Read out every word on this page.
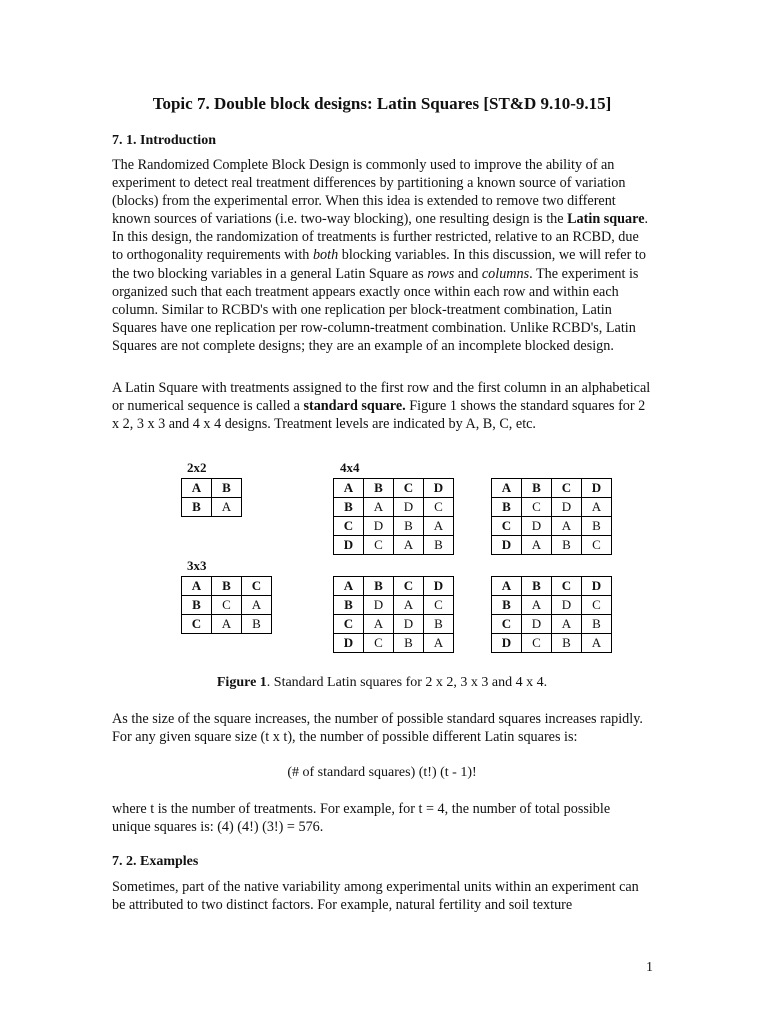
Topic 7. Double block designs: Latin Squares [ST&D 9.10-9.15]
7. 1. Introduction

The Randomized Complete Block Design is commonly used to improve the ability of an experiment to detect real treatment differences by partitioning a known source of variation (blocks) from the experimental error. When this idea is extended to remove two different known sources of variations (i.e. two-way blocking), one resulting design is the Latin square. In this design, the randomization of treatments is further restricted, relative to an RCBD, due to orthogonality requirements with both blocking variables. In this discussion, we will refer to the two blocking variables in a general Latin Square as rows and columns. The experiment is organized such that each treatment appears exactly once within each row and within each column. Similar to RCBD's with one replication per block-treatment combination, Latin Squares have one replication per row-column-treatment combination. Unlike RCBD's, Latin Squares are not complete designs; they are an example of an incomplete blocked design.

A Latin Square with treatments assigned to the first row and the first column in an alphabetical or numerical sequence is called a standard square. Figure 1 shows the standard squares for 2 x 2, 3 x 3 and 4 x 4 designs. Treatment levels are indicated by A, B, C, etc.

2x2	4x4
3x3
A	B
B	A
A	B	C	D
B	A	D	C
C	D	B	A
D	C	A	B
A	B	C	D
B	C	D	A
C	D	A	B
D	A	B	C
A	B	C
B	C	A
C	A	B
A	B	C	D
B	D	A	C
C	A	D	B
D	C	B	A
A	B	C	D
B	A	D	C
C	D	A	B
D	C	B	A
Figure 1. Standard Latin squares for 2 x 2, 3 x 3 and 4 x 4.

As the size of the square increases, the number of possible standard squares increases rapidly. For any given square size (t x t), the number of possible different Latin squares is:

(# of standard squares) (t!) (t - 1)!

where t is the number of treatments. For example, for t = 4, the number of total possible unique squares is: (4) (4!) (3!) = 576.

7. 2. Examples

Sometimes, part of the native variability among experimental units within an experiment can be attributed to two distinct factors. For example, natural fertility and soil texture

1
